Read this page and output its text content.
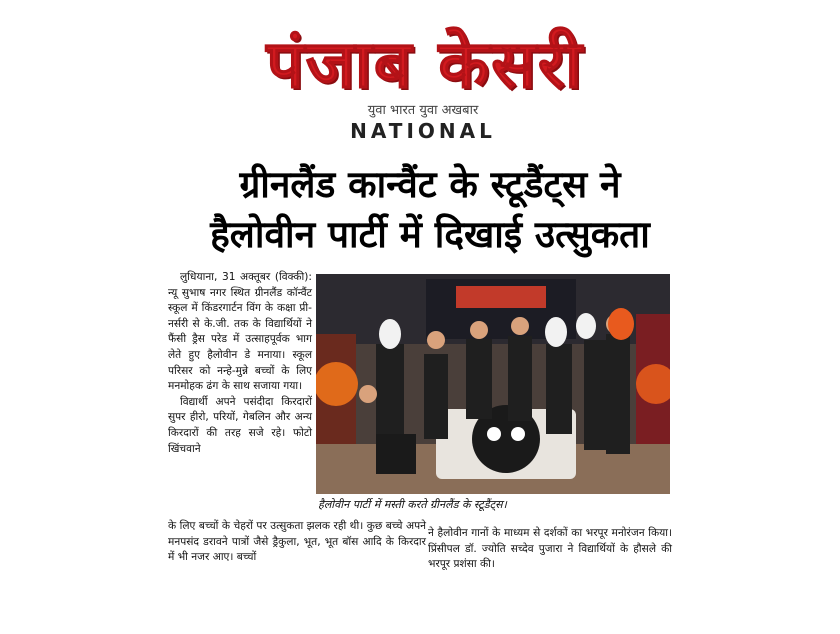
पंजाब केसरी
युवा भारत युवा अखबार
NATIONAL
ग्रीनलैंड कान्वैंट के स्टूडैंट्स ने
हैलोवीन पार्टी में दिखाई उत्सुकता

लुधियाना, 31 अक्तूबर (विक्की): न्यू सुभाष नगर स्थित ग्रीनलैंड कॉन्वैंट स्कूल में किंडरगार्टन विंग के कक्षा प्री-नर्सरी से के.जी. तक के विद्यार्थियों ने फैंसी ड्रैस परेड में उत्साहपूर्वक भाग लेते हुए हैलोवीन डे मनाया। स्कूल परिसर को नन्हे-मुन्ने बच्चों के लिए मनमोहक ढंग के साथ सजाया गया।

विद्यार्थी अपने पसंदीदा किरदारों सुपर हीरो, परियों, गेबलिन और अन्य किरदारों की तरह सजे रहे। फोटो खिंचवाने

हैलोवीन पार्टी में मस्ती करते ग्रीनलैंड के स्टूडैंट्स।

के लिए बच्चों के चेहरों पर उत्सुकता झलक रही थी। कुछ बच्चे अपने मनपसंद डरावने पात्रों जैसे ड्रैकुला, भूत, भूत बॉस आदि के किरदार में भी नजर आए। बच्चों

ने हैलोवीन गानों के माध्यम से दर्शकों का भरपूर मनोरंजन किया। प्रिंसीपल डॉ. ज्योति सच्देव पुजारा ने विद्यार्थियों के हौसले की भरपूर प्रशंसा की।
